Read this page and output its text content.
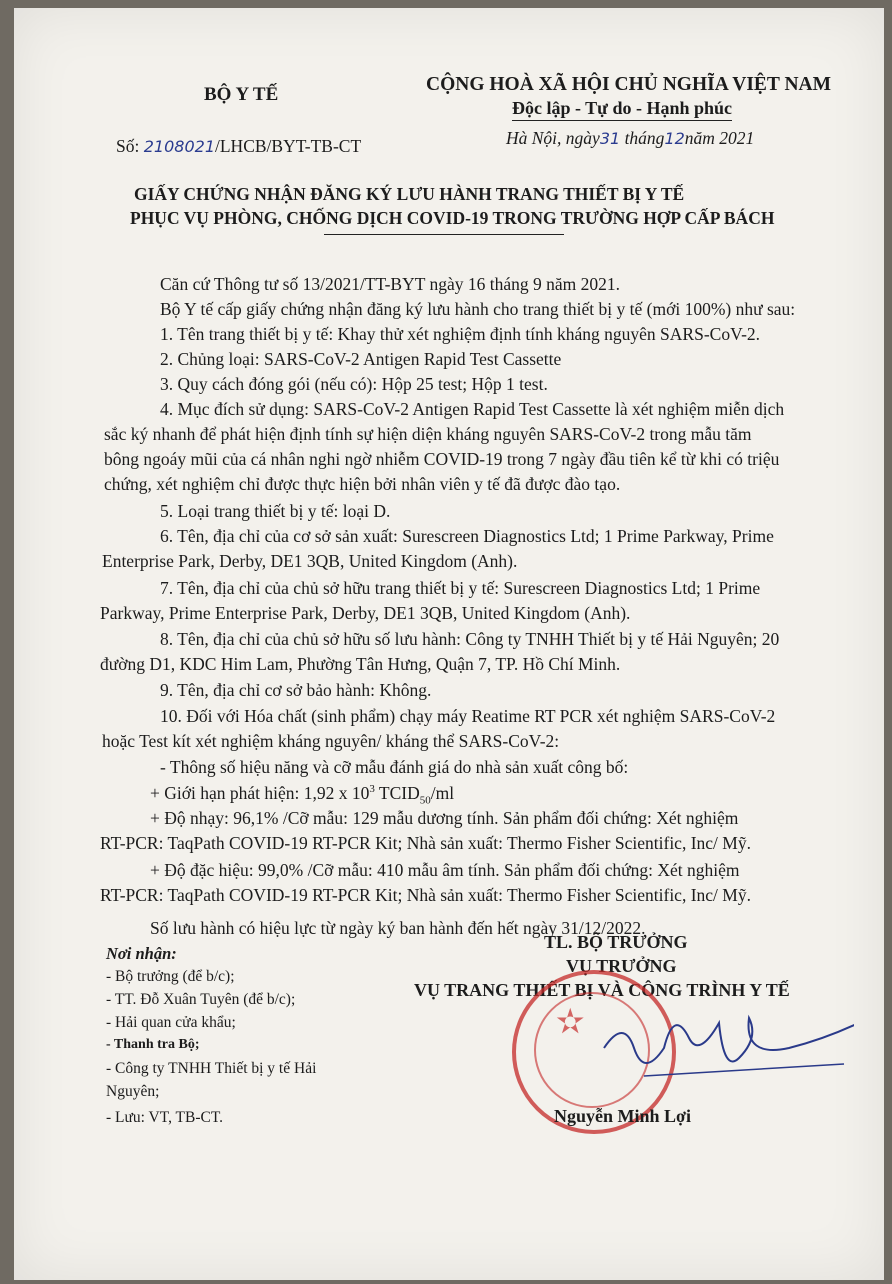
BỘ Y TẾ
Số: 2108021/LHCB/BYT-TB-CT
CỘNG HOÀ XÃ HỘI CHỦ NGHĨA VIỆT NAM
Độc lập - Tự do - Hạnh phúc
Hà Nội, ngày31 tháng12năm 2021
GIẤY CHỨNG NHẬN ĐĂNG KÝ LƯU HÀNH TRANG THIẾT BỊ Y TẾ
PHỤC VỤ PHÒNG, CHỐNG DỊCH COVID-19 TRONG TRƯỜNG HỢP CẤP BÁCH
Căn cứ Thông tư số 13/2021/TT-BYT ngày 16 tháng 9 năm 2021.
Bộ Y tế cấp giấy chứng nhận đăng ký lưu hành cho trang thiết bị y tế (mới 100%) như sau:
1. Tên trang thiết bị y tế: Khay thử xét nghiệm định tính kháng nguyên SARS-CoV-2.
2. Chủng loại: SARS-CoV-2 Antigen Rapid Test Cassette
3. Quy cách đóng gói (nếu có): Hộp 25 test; Hộp 1 test.
4. Mục đích sử dụng: SARS-CoV-2 Antigen Rapid Test Cassette là xét nghiệm miễn dịch
sắc ký nhanh để phát hiện định tính sự hiện diện kháng nguyên SARS-CoV-2 trong mẫu tăm
bông ngoáy mũi của cá nhân nghi ngờ nhiễm COVID-19 trong 7 ngày đầu tiên kể từ khi có triệu
chứng, xét nghiệm chỉ được thực hiện bởi nhân viên y tế đã được đào tạo.
5. Loại trang thiết bị y tế: loại D.
6. Tên, địa chỉ của cơ sở sản xuất: Surescreen Diagnostics Ltd; 1 Prime Parkway, Prime
Enterprise Park, Derby, DE1 3QB, United Kingdom (Anh).
7. Tên, địa chỉ của chủ sở hữu trang thiết bị y tế: Surescreen Diagnostics Ltd; 1 Prime
Parkway, Prime Enterprise Park, Derby, DE1 3QB, United Kingdom (Anh).
8. Tên, địa chỉ của chủ sở hữu số lưu hành: Công ty TNHH Thiết bị y tế Hải Nguyên; 20
đường D1, KDC Him Lam, Phường Tân Hưng, Quận 7, TP. Hồ Chí Minh.
9. Tên, địa chỉ cơ sở bảo hành: Không.
10. Đối với Hóa chất (sinh phẩm) chạy máy Reatime RT PCR xét nghiệm SARS-CoV-2
hoặc Test kít xét nghiệm kháng nguyên/ kháng thể SARS-CoV-2:
- Thông số hiệu năng và cỡ mẫu đánh giá do nhà sản xuất công bố:
+ Giới hạn phát hiện: 1,92 x $10^3$ $TCID_{50}/ml$
+ Độ nhạy: 96,1% /Cỡ mẫu: 129 mẫu dương tính. Sản phẩm đối chứng: Xét nghiệm
RT-PCR: TaqPath COVID-19 RT-PCR Kit; Nhà sản xuất: Thermo Fisher Scientific, Inc/ Mỹ.
+ Độ đặc hiệu: 99,0% /Cỡ mẫu: 410 mẫu âm tính. Sản phẩm đối chứng: Xét nghiệm
RT-PCR: TaqPath COVID-19 RT-PCR Kit; Nhà sản xuất: Thermo Fisher Scientific, Inc/ Mỹ.
Số lưu hành có hiệu lực từ ngày ký ban hành đến hết ngày 31/12/2022.
Nơi nhận:
- Bộ trưởng (để b/c);
- TT. Đỗ Xuân Tuyên (để b/c);
- Hải quan cửa khẩu;
- Thanh tra Bộ;
- Công ty TNHH Thiết bị y tế Hải
Nguyên;
- Lưu: VT, TB-CT.
TL. BỘ TRƯỞNG
VỤ TRƯỞNG
VỤ TRANG THIẾT BỊ VÀ CÔNG TRÌNH Y TẾ
✫
Nguyễn Minh Lợi
